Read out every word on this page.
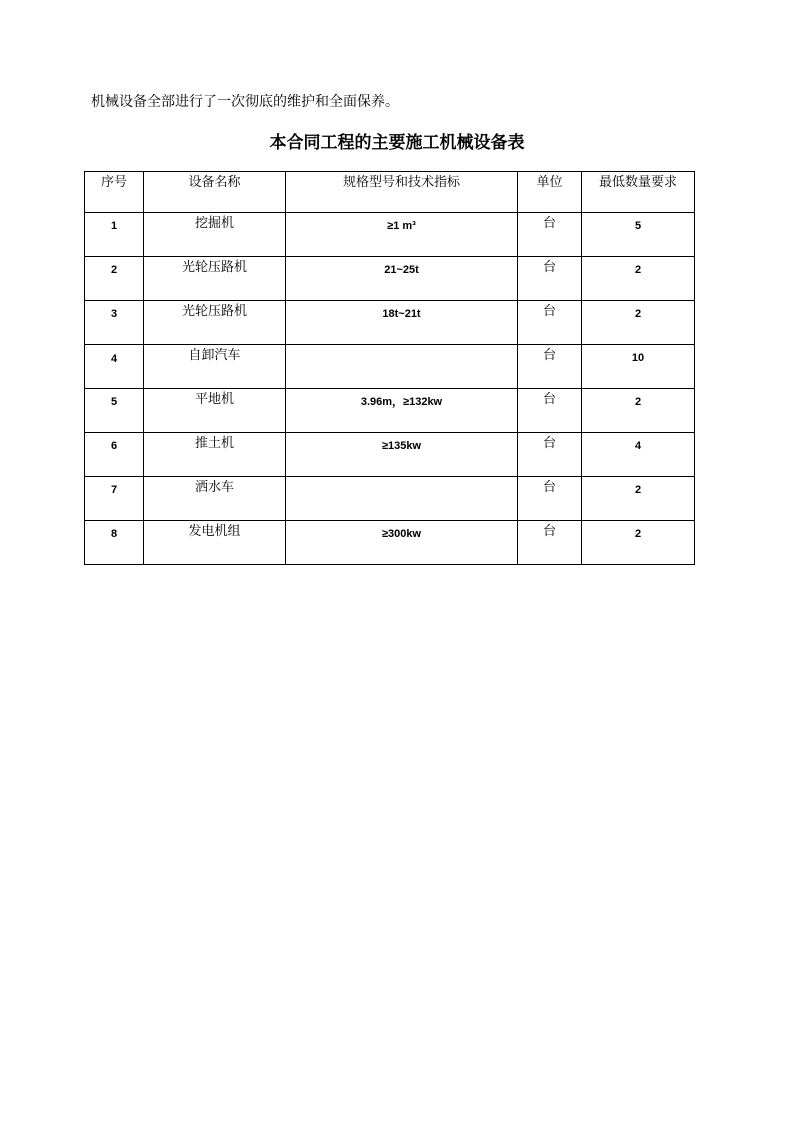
机械设备全部进行了一次彻底的维护和全面保养。
本合同工程的主要施工机械设备表
序号	设备名称	规格型号和技术指标	单位	最低数量要求
1	挖掘机	≥1 m³	台	5
2	光轮压路机	21~25t	台	2
3	光轮压路机	18t~21t	台	2
4	自卸汽车		台	10
5	平地机	3.96m，≥132kw	台	2
6	推土机	≥135kw	台	4
7	洒水车		台	2
8	发电机组	≥300kw	台	2
